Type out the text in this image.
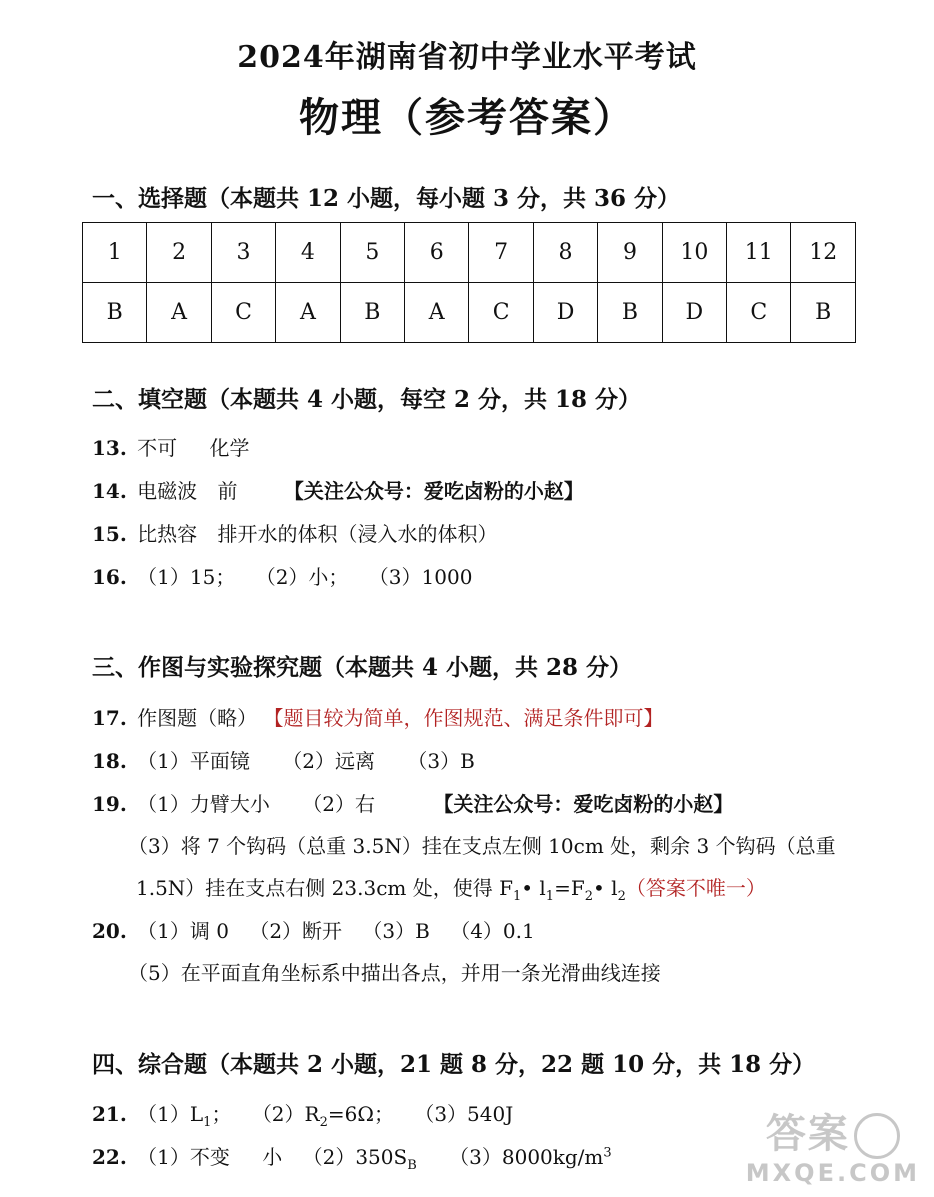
2024年湖南省初中学业水平考试
物理（参考答案）
一、选择题（本题共 12 小题，每小题 3 分，共 36 分）
1	2	3	4	5	6	7	8	9	10	11	12
B	A	C	A	B	A	C	D	B	D	C	B
二、填空题（本题共 4 小题，每空 2 分，共 18 分）
13. 不可 化学
14. 电磁波 前 【关注公众号：爱吃卤粉的小赵】
15. 比热容 排开水的体积（浸入水的体积）
16. （1）15； （2）小； （3）1000
三、作图与实验探究题（本题共 4 小题，共 28 分）
17. 作图题（略） 【题目较为简单，作图规范、满足条件即可】
18. （1）平面镜 （2）远离 （3）B
19. （1）力臂大小 （2）右	【关注公众号：爱吃卤粉的小赵】
（3）将 7 个钩码（总重 3.5N）挂在支点左侧 10cm 处，剩余 3 个钩码（总重
1.5N）挂在支点右侧 23.3cm 处，使得 $F_1•$ $l_1=F_2•$ $l_2$（答案不唯一）
20. （1）调 0 （2）断开 （3）B （4）0.1
（5）在平面直角坐标系中描出各点，并用一条光滑曲线连接
四、综合题（本题共 2 小题，21 题 8 分，22 题 10 分，共 18 分）
21. $(1)L_1$； $(2)R_2=6\Omega$； （3）540J
22. （1）不变 小 $(2)350S_B$ $(3)8000kg/m^3$	答案
MXQE.COM
